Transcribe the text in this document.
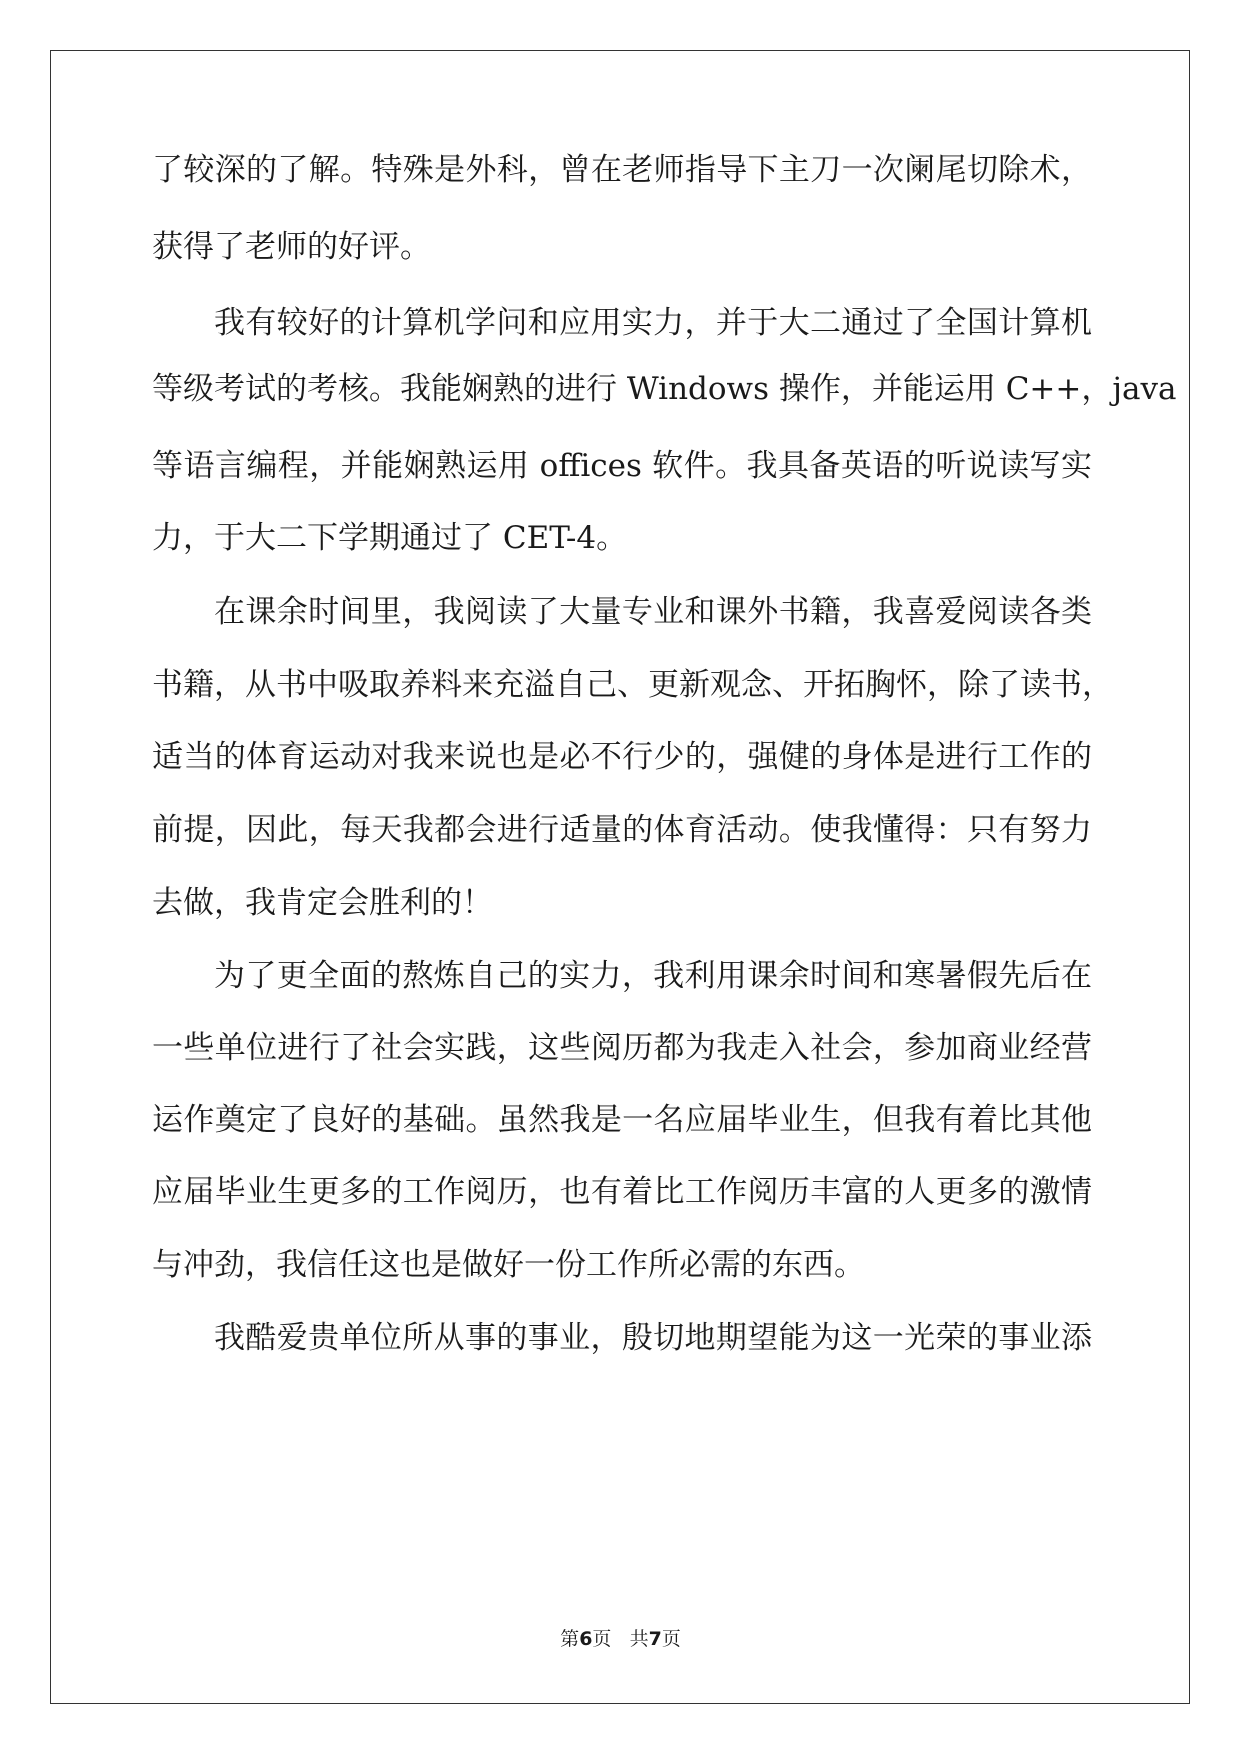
了较深的了解。特殊是外科，曾在老师指导下主刀一次阑尾切除术，
获得了老师的好评。
我有较好的计算机学问和应用实力，并于大二通过了全国计算机
等级考试的考核。我能娴熟的进行 Windows 操作，并能运用 C++，java
等语言编程，并能娴熟运用 offices 软件。我具备英语的听说读写实
力，于大二下学期通过了 CET-4。
在课余时间里，我阅读了大量专业和课外书籍，我喜爱阅读各类
书籍，从书中吸取养料来充溢自己、更新观念、开拓胸怀，除了读书，
适当的体育运动对我来说也是必不行少的，强健的身体是进行工作的
前提，因此，每天我都会进行适量的体育活动。使我懂得：只有努力
去做，我肯定会胜利的！
为了更全面的熬炼自己的实力，我利用课余时间和寒暑假先后在
一些单位进行了社会实践，这些阅历都为我走入社会，参加商业经营
运作奠定了良好的基础。虽然我是一名应届毕业生，但我有着比其他
应届毕业生更多的工作阅历，也有着比工作阅历丰富的人更多的激情
与冲劲，我信任这也是做好一份工作所必需的东西。
我酷爱贵单位所从事的事业，殷切地期望能为这一光荣的事业添
第6页 共7页
